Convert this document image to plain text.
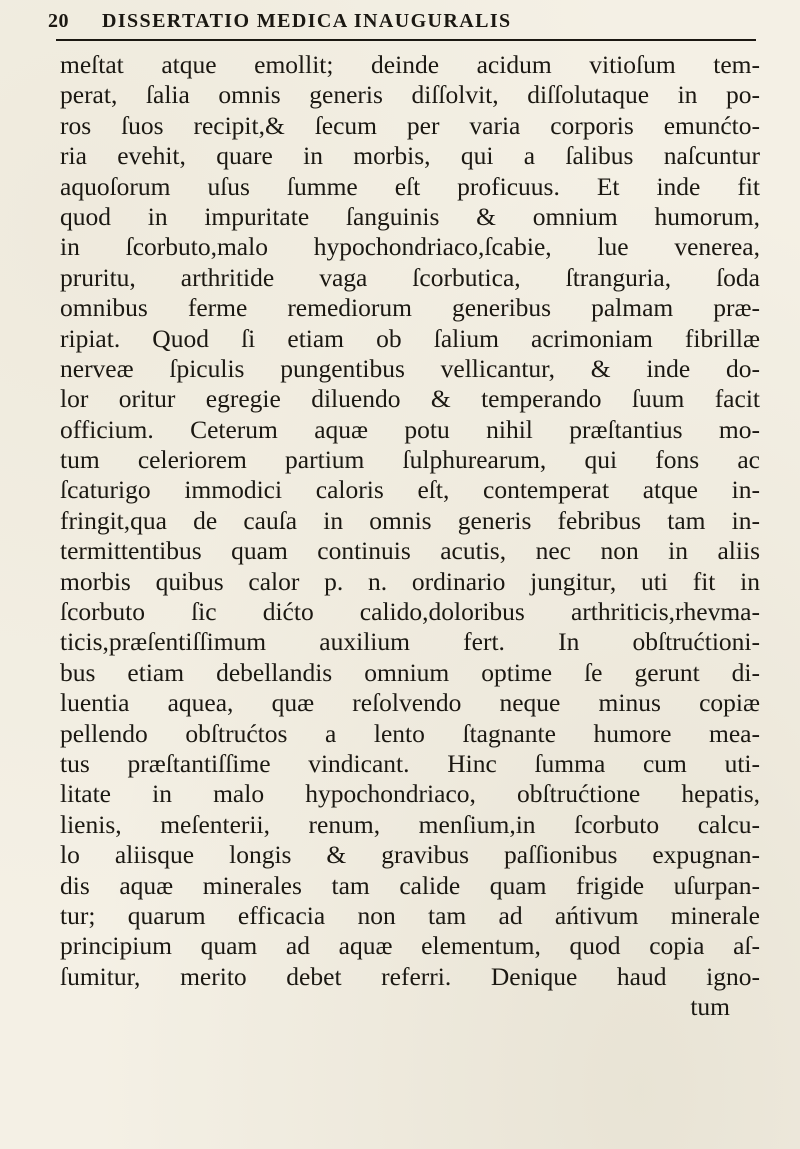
20 DISSERTATIO MEDICA INAUGURALIS
meſtat atque emollit; deinde acidum vitioſum tem-
perat, ſalia omnis generis diſſolvit, diſſolutaque in po-
ros ſuos recipit,& ſecum per varia corporis emunćto-
ria evehit, quare in morbis, qui a ſalibus naſcuntur
aquoſorum uſus ſumme eſt proficuus. Et inde fit
quod in impuritate ſanguinis & omnium humorum,
in ſcorbuto,malo hypochondriaco,ſcabie, lue venerea,
pruritu, arthritide vaga ſcorbutica, ſtranguria, ſoda
omnibus ferme remediorum generibus palmam præ-
ripiat. Quod ſi etiam ob ſalium acrimoniam fibrillæ
nerveæ ſpiculis pungentibus vellicantur, & inde do-
lor oritur egregie diluendo & temperando ſuum facit
officium. Ceterum aquæ potu nihil præſtantius mo-
tum celeriorem partium ſulphurearum, qui fons ac
ſcaturigo immodici caloris eſt, contemperat atque in-
fringit,qua de cauſa in omnis generis febribus tam in-
termittentibus quam continuis acutis, nec non in aliis
morbis quibus calor p. n. ordinario jungitur, uti fit in
ſcorbuto ſic dićto calido,doloribus arthriticis,rhevma-
ticis,præſentiſſimum auxilium fert. In obſtrućtioni-
bus etiam debellandis omnium optime ſe gerunt di-
luentia aquea, quæ reſolvendo neque minus copiæ
pellendo obſtrućtos a lento ſtagnante humore mea-
tus præſtantiſſime vindicant. Hinc ſumma cum uti-
litate in malo hypochondriaco, obſtrućtione hepatis,
lienis, meſenterii, renum, menſium,in ſcorbuto calcu-
lo aliisque longis & gravibus paſſionibus expugnan-
dis aquæ minerales tam calide quam frigide uſurpan-
tur; quarum efficacia non tam ad ańtivum minerale
principium quam ad aquæ elementum, quod copia aſ-
ſumitur, merito debet referri. Denique haud igno-
tum
